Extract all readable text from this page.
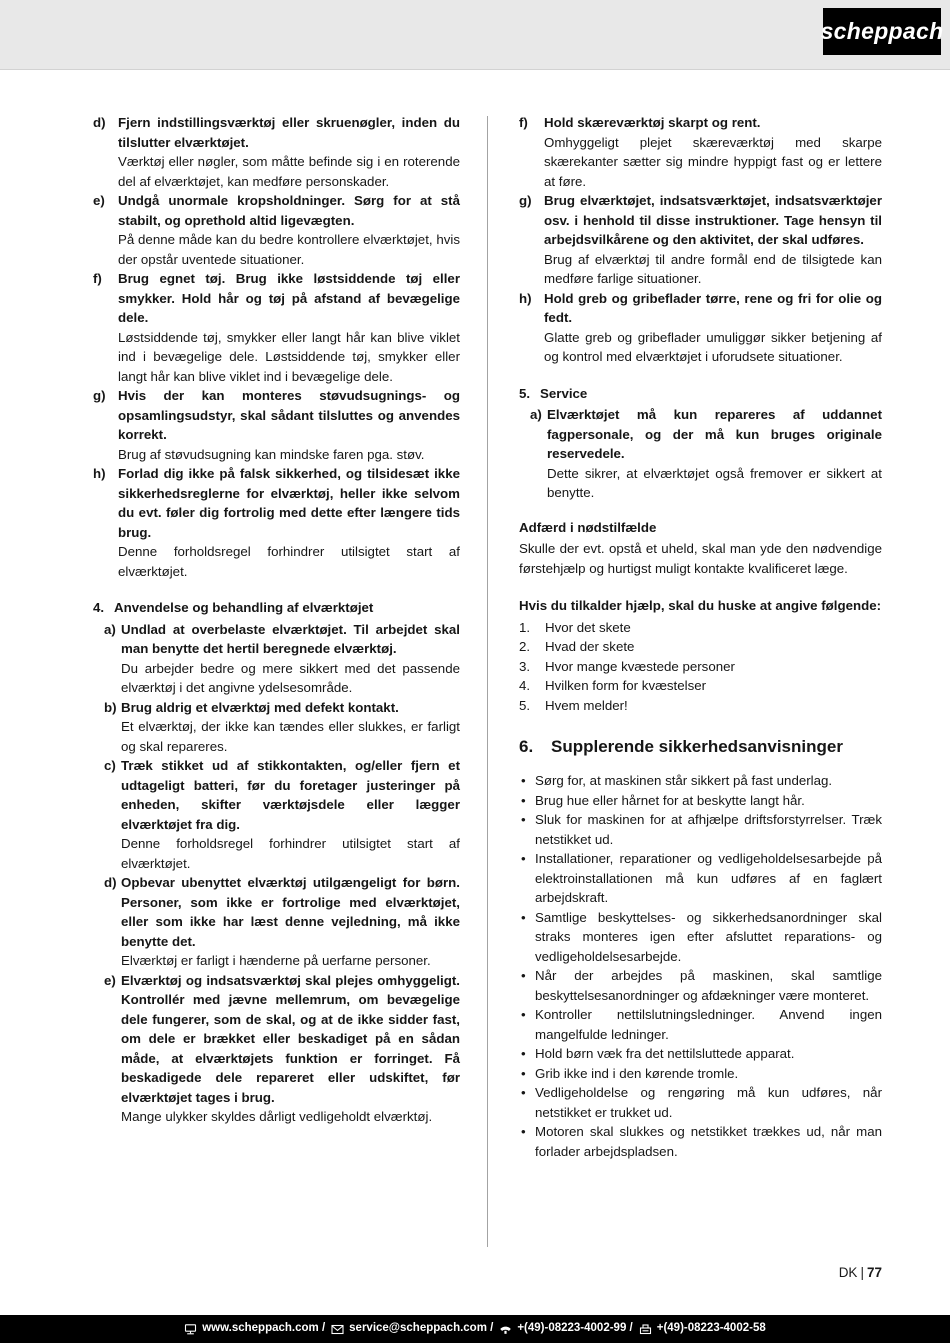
scheppach
d) Fjern indstillingsværktøj eller skruenøgler, inden du tilslutter elværktøjet.
Værktøj eller nøgler, som måtte befinde sig i en roterende del af elværktøjet, kan medføre personskader.
e) Undgå unormale kropsholdninger. Sørg for at stå stabilt, og oprethold altid ligevægten.
På denne måde kan du bedre kontrollere elværktøjet, hvis der opstår uventede situationer.
f) Brug egnet tøj. Brug ikke løstsiddende tøj eller smykker. Hold hår og tøj på afstand af bevægelige dele.
Løstsiddende tøj, smykker eller langt hår kan blive viklet ind i bevægelige dele. Løstsiddende tøj, smykker eller langt hår kan blive viklet ind i bevægelige dele.
g) Hvis der kan monteres støvudsugnings- og opsamlingsudstyr, skal sådant tilsluttes og anvendes korrekt.
Brug af støvudsugning kan mindske faren pga. støv.
h) Forlad dig ikke på falsk sikkerhed, og tilsidesæt ikke sikkerhedsreglerne for elværktøj, heller ikke selvom du evt. føler dig fortrolig med dette efter længere tids brug.
Denne forholdsregel forhindrer utilsigtet start af elværktøjet.
4. Anvendelse og behandling af elværktøjet
a) Undlad at overbelaste elværktøjet. Til arbejdet skal man benytte det hertil beregnede elværktøj.
Du arbejder bedre og mere sikkert med det passende elværktøj i det angivne ydelsesområde.
b) Brug aldrig et elværktøj med defekt kontakt.
Et elværktøj, der ikke kan tændes eller slukkes, er farligt og skal repareres.
c) Træk stikket ud af stikkontakten, og/eller fjern et udtageligt batteri, før du foretager justeringer på enheden, skifter værktøjsdele eller lægger elværktøjet fra dig.
Denne forholdsregel forhindrer utilsigtet start af elværktøjet.
d) Opbevar ubenyttet elværktøj utilgængeligt for børn. Personer, som ikke er fortrolige med elværktøjet, eller som ikke har læst denne vejledning, må ikke benytte det.
Elværktøj er farligt i hænderne på uerfarne personer.
e) Elværktøj og indsatsværktøj skal plejes omhyggeligt. Kontrollér med jævne mellemrum, om bevægelige dele fungerer, som de skal, og at de ikke sidder fast, om dele er brækket eller beskadiget på en sådan måde, at elværktøjets funktion er forringet. Få beskadigede dele repareret eller udskiftet, før elværktøjet tages i brug.
Mange ulykker skyldes dårligt vedligeholdt elværktøj.
f) Hold skæreværktøj skarpt og rent.
Omhyggeligt plejet skæreværktøj med skarpe skærekanter sætter sig mindre hyppigt fast og er lettere at føre.
g) Brug elværktøjet, indsatsværktøjet, indsatsværktøjer osv. i henhold til disse instruktioner. Tage hensyn til arbejdsvilkårene og den aktivitet, der skal udføres.
Brug af elværktøj til andre formål end de tilsigtede kan medføre farlige situationer.
h) Hold greb og gribeflader tørre, rene og fri for olie og fedt.
Glatte greb og gribeflader umuliggør sikker betjening af og kontrol med elværktøjet i uforudsete situationer.
5. Service
a) Elværktøjet må kun repareres af uddannet fagpersonale, og der må kun bruges originale reservedele.
Dette sikrer, at elværktøjet også fremover er sikkert at benytte.
Adfærd i nødstilfælde

Skulle der evt. opstå et uheld, skal man yde den nødvendige førstehjælp og hurtigst muligt kontakte kvalificeret læge.

Hvis du tilkalder hjælp, skal du huske at angive følgende:
1. Hvor det skete
2. Hvad der skete
3. Hvor mange kvæstede personer
4. Hvilken form for kvæstelser
5. Hvem melder!
6. Supplerende sikkerhedsanvisninger
• Sørg for, at maskinen står sikkert på fast underlag.
• Brug hue eller hårnet for at beskytte langt hår.
• Sluk for maskinen for at afhjælpe driftsforstyrrelser. Træk netstikket ud.
• Installationer, reparationer og vedligeholdelsesarbejde på elektroinstallationen må kun udføres af en faglært arbejdskraft.
• Samtlige beskyttelses- og sikkerhedsanordninger skal straks monteres igen efter afsluttet reparations- og vedligeholdelsesarbejde.
• Når der arbejdes på maskinen, skal samtlige beskyttelsesanordninger og afdækninger være monteret.
• Kontroller nettilslutningsledninger. Anvend ingen mangelfulde ledninger.
• Hold børn væk fra det nettilsluttede apparat.
• Grib ikke ind i den kørende tromle.
• Vedligeholdelse og rengøring må kun udføres, når netstikket er trukket ud.
• Motoren skal slukkes og netstikket trækkes ud, når man forlader arbejdspladsen.
DK | 77
www.scheppach.com / service@scheppach.com / +(49)-08223-4002-99 / +(49)-08223-4002-58
